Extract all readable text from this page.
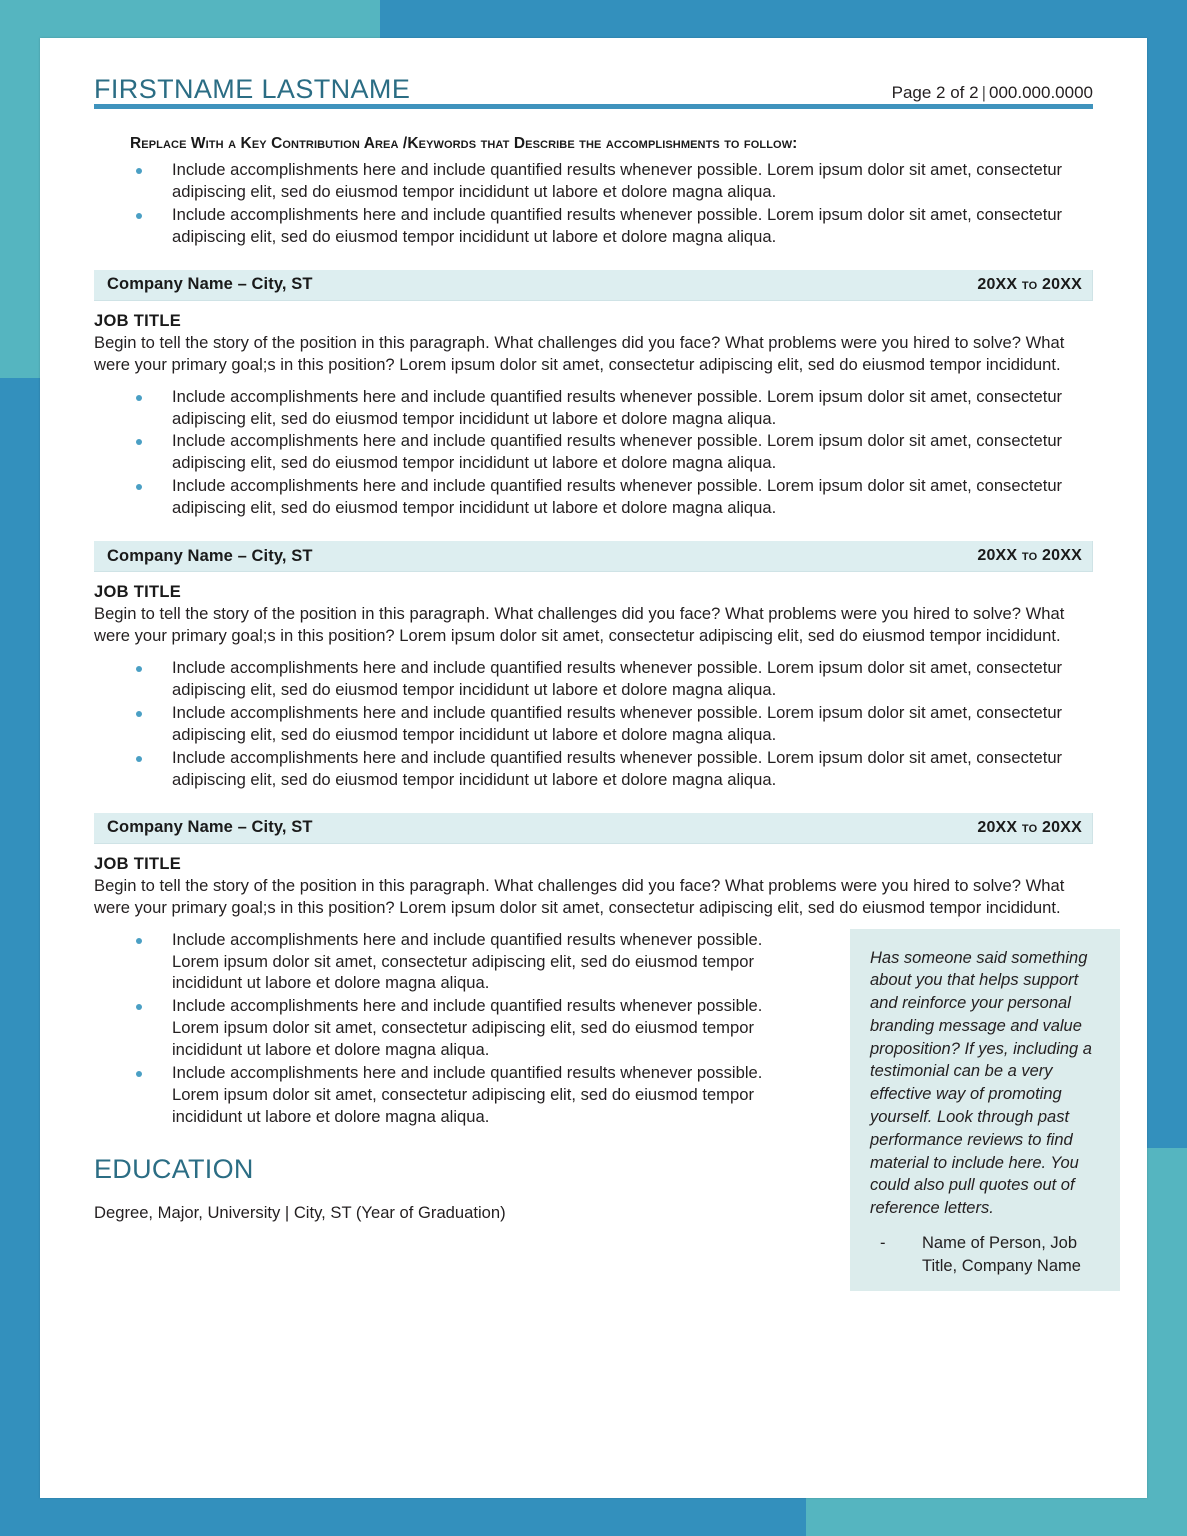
FIRSTNAME LASTNAME	Page 2 of 2 | 000.000.0000

Replace With a Key Contribution Area /Keywords that Describe the accomplishments to follow:

Include accomplishments here and include quantified results whenever possible. Lorem ipsum dolor sit amet, consectetur adipiscing elit, sed do eiusmod tempor incididunt ut labore et dolore magna aliqua.
Include accomplishments here and include quantified results whenever possible. Lorem ipsum dolor sit amet, consectetur adipiscing elit, sed do eiusmod tempor incididunt ut labore et dolore magna aliqua.
Company Name – City, ST	20XX to 20XX

JOB TITLE

Begin to tell the story of the position in this paragraph. What challenges did you face? What problems were you hired to solve? What were your primary goal;s in this position? Lorem ipsum dolor sit amet, consectetur adipiscing elit, sed do eiusmod tempor incididunt.

Include accomplishments here and include quantified results whenever possible. Lorem ipsum dolor sit amet, consectetur adipiscing elit, sed do eiusmod tempor incididunt ut labore et dolore magna aliqua.
Include accomplishments here and include quantified results whenever possible. Lorem ipsum dolor sit amet, consectetur adipiscing elit, sed do eiusmod tempor incididunt ut labore et dolore magna aliqua.
Include accomplishments here and include quantified results whenever possible. Lorem ipsum dolor sit amet, consectetur adipiscing elit, sed do eiusmod tempor incididunt ut labore et dolore magna aliqua.
Company Name – City, ST	20XX to 20XX

JOB TITLE

Begin to tell the story of the position in this paragraph. What challenges did you face? What problems were you hired to solve? What were your primary goal;s in this position? Lorem ipsum dolor sit amet, consectetur adipiscing elit, sed do eiusmod tempor incididunt.

Include accomplishments here and include quantified results whenever possible. Lorem ipsum dolor sit amet, consectetur adipiscing elit, sed do eiusmod tempor incididunt ut labore et dolore magna aliqua.
Include accomplishments here and include quantified results whenever possible. Lorem ipsum dolor sit amet, consectetur adipiscing elit, sed do eiusmod tempor incididunt ut labore et dolore magna aliqua.
Include accomplishments here and include quantified results whenever possible. Lorem ipsum dolor sit amet, consectetur adipiscing elit, sed do eiusmod tempor incididunt ut labore et dolore magna aliqua.
Company Name – City, ST	20XX to 20XX

JOB TITLE

Begin to tell the story of the position in this paragraph. What challenges did you face? What problems were you hired to solve? What were your primary goal;s in this position? Lorem ipsum dolor sit amet, consectetur adipiscing elit, sed do eiusmod tempor incididunt.

Include accomplishments here and include quantified results whenever possible. Lorem ipsum dolor sit amet, consectetur adipiscing elit, sed do eiusmod tempor incididunt ut labore et dolore magna aliqua.
Include accomplishments here and include quantified results whenever possible. Lorem ipsum dolor sit amet, consectetur adipiscing elit, sed do eiusmod tempor incididunt ut labore et dolore magna aliqua.
Include accomplishments here and include quantified results whenever possible. Lorem ipsum dolor sit amet, consectetur adipiscing elit, sed do eiusmod tempor incididunt ut labore et dolore magna aliqua.

Has someone said something about you that helps support and reinforce your personal branding message and value proposition? If yes, including a testimonial can be a very effective way of promoting yourself. Look through past performance reviews to find material to include here. You could also pull quotes out of reference letters.

-	Name of Person, Job Title, Company Name
EDUCATION

Degree, Major, University | City, ST (Year of Graduation)
